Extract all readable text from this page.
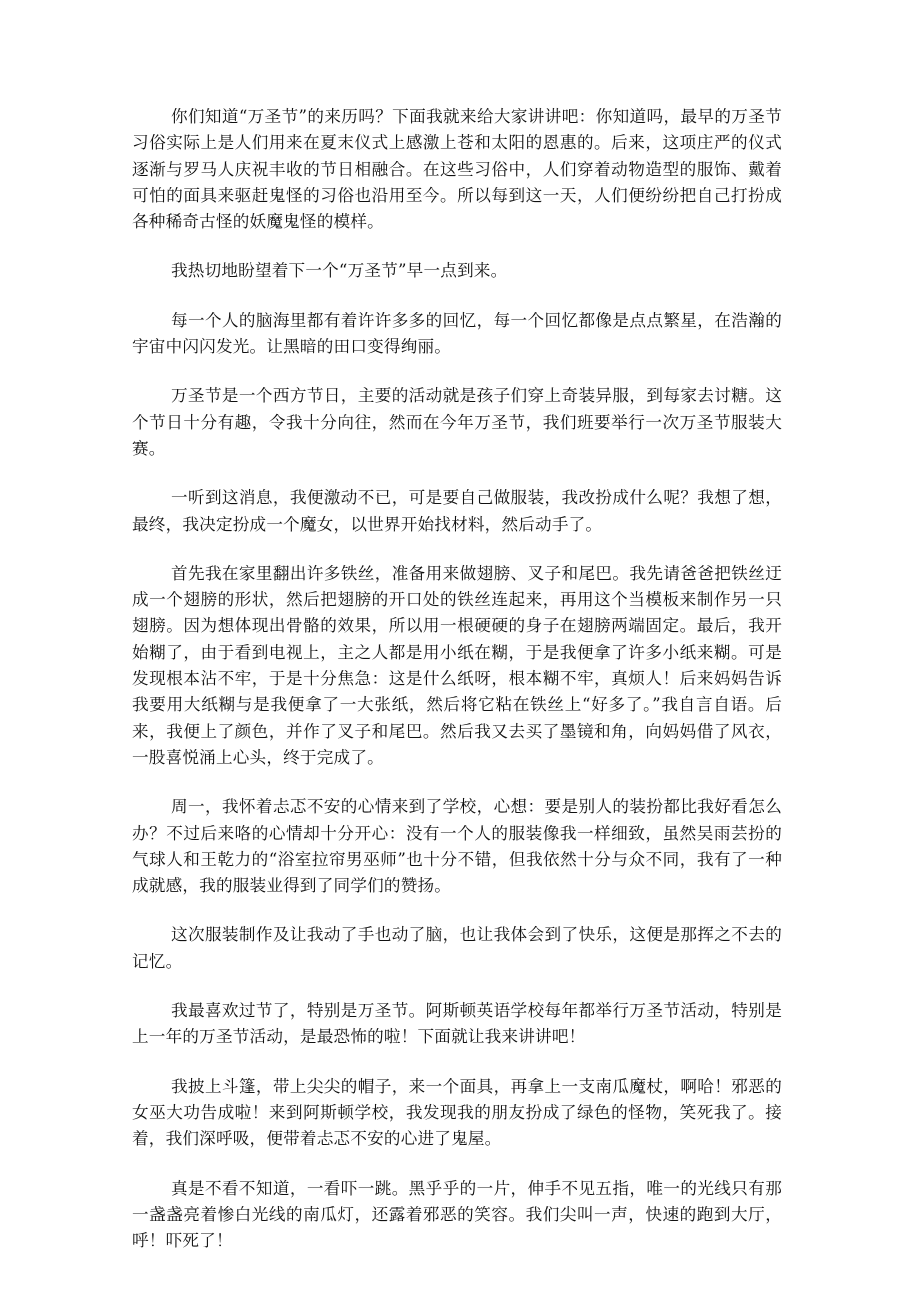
你们知道“万圣节”的来历吗？下面我就来给大家讲讲吧：你知道吗，最早的万圣节习俗实际上是人们用来在夏末仪式上感激上苍和太阳的恩惠的。后来，这项庄严的仪式逐渐与罗马人庆祝丰收的节日相融合。在这些习俗中，人们穿着动物造型的服饰、戴着可怕的面具来驱赶鬼怪的习俗也沿用至今。所以每到这一天，人们便纷纷把自己打扮成各种稀奇古怪的妖魔鬼怪的模样。

我热切地盼望着下一个“万圣节”早一点到来。

每一个人的脑海里都有着许许多多的回忆，每一个回忆都像是点点繁星，在浩瀚的宇宙中闪闪发光。让黑暗的田口变得绚丽。

万圣节是一个西方节日，主要的活动就是孩子们穿上奇装异服，到每家去讨糖。这个节日十分有趣，令我十分向往，然而在今年万圣节，我们班要举行一次万圣节服装大赛。

一听到这消息，我便激动不已，可是要自己做服装，我改扮成什么呢？我想了想，最终，我决定扮成一个魔女，以世界开始找材料，然后动手了。

首先我在家里翻出许多铁丝，准备用来做翅膀、叉子和尾巴。我先请爸爸把铁丝迂成一个翅膀的形状，然后把翅膀的开口处的铁丝连起来，再用这个当模板来制作另一只翅膀。因为想体现出骨骼的效果，所以用一根硬硬的身子在翅膀两端固定。最后，我开始糊了，由于看到电视上，主之人都是用小纸在糊，于是我便拿了许多小纸来糊。可是发现根本沾不牢，于是十分焦急：这是什么纸呀，根本糊不牢，真烦人！后来妈妈告诉我要用大纸糊与是我便拿了一大张纸，然后将它粘在铁丝上“好多了。”我自言自语。后来，我便上了颜色，并作了叉子和尾巴。然后我又去买了墨镜和角，向妈妈借了风衣，一股喜悦涌上心头，终于完成了。

周一，我怀着忐忑不安的心情来到了学校，心想：要是别人的装扮都比我好看怎么办？不过后来咯的心情却十分开心：没有一个人的服装像我一样细致，虽然吴雨芸扮的气球人和王乾力的“浴室拉帘男巫师”也十分不错，但我依然十分与众不同，我有了一种成就感，我的服装业得到了同学们的赞扬。

这次服装制作及让我动了手也动了脑，也让我体会到了快乐，这便是那挥之不去的记忆。

我最喜欢过节了，特别是万圣节。阿斯顿英语学校每年都举行万圣节活动，特别是上一年的万圣节活动，是最恐怖的啦！下面就让我来讲讲吧！

我披上斗篷，带上尖尖的帽子，来一个面具，再拿上一支南瓜魔杖，啊哈！邪恶的女巫大功告成啦！来到阿斯顿学校，我发现我的朋友扮成了绿色的怪物，笑死我了。接着，我们深呼吸，便带着忐忑不安的心进了鬼屋。

真是不看不知道，一看吓一跳。黑乎乎的一片，伸手不见五指，唯一的光线只有那一盏盏亮着惨白光线的南瓜灯，还露着邪恶的笑容。我们尖叫一声，快速的跑到大厅，呼！吓死了！
